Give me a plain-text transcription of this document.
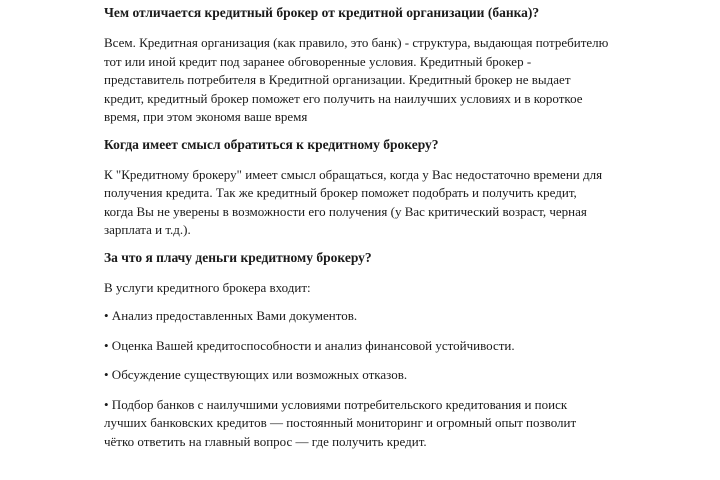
Чем отличается кредитный брокер от кредитной организации (банка)?
Всем. Кредитная организация (как правило, это банк) - структура, выдающая потребителю
тот или иной кредит под заранее обговоренные условия. Кредитный брокер -
представитель потребителя в Кредитной организации. Кредитный брокер не выдает
кредит, кредитный брокер поможет его получить на наилучших условиях и в короткое
время, при этом экономя ваше время
Когда имеет смысл обратиться к кредитному брокеру?
К "Кредитному брокеру" имеет смысл обращаться, когда у Вас недостаточно времени для
получения кредита. Так же кредитный брокер поможет подобрать и получить кредит,
когда Вы не уверены в возможности его получения (у Вас критический возраст, черная
зарплата и т.д.).
За что я плачу деньги кредитному брокеру?
В услуги кредитного брокера входит:
• Анализ предоставленных Вами документов.
• Оценка Вашей кредитоспособности и анализ финансовой устойчивости.
• Обсуждение существующих или возможных отказов.
• Подбор банков с наилучшими условиями потребительского кредитования и поиск
лучших банковских кредитов — постоянный мониторинг и огромный опыт позволит
чётко ответить на главный вопрос — где получить кредит.
